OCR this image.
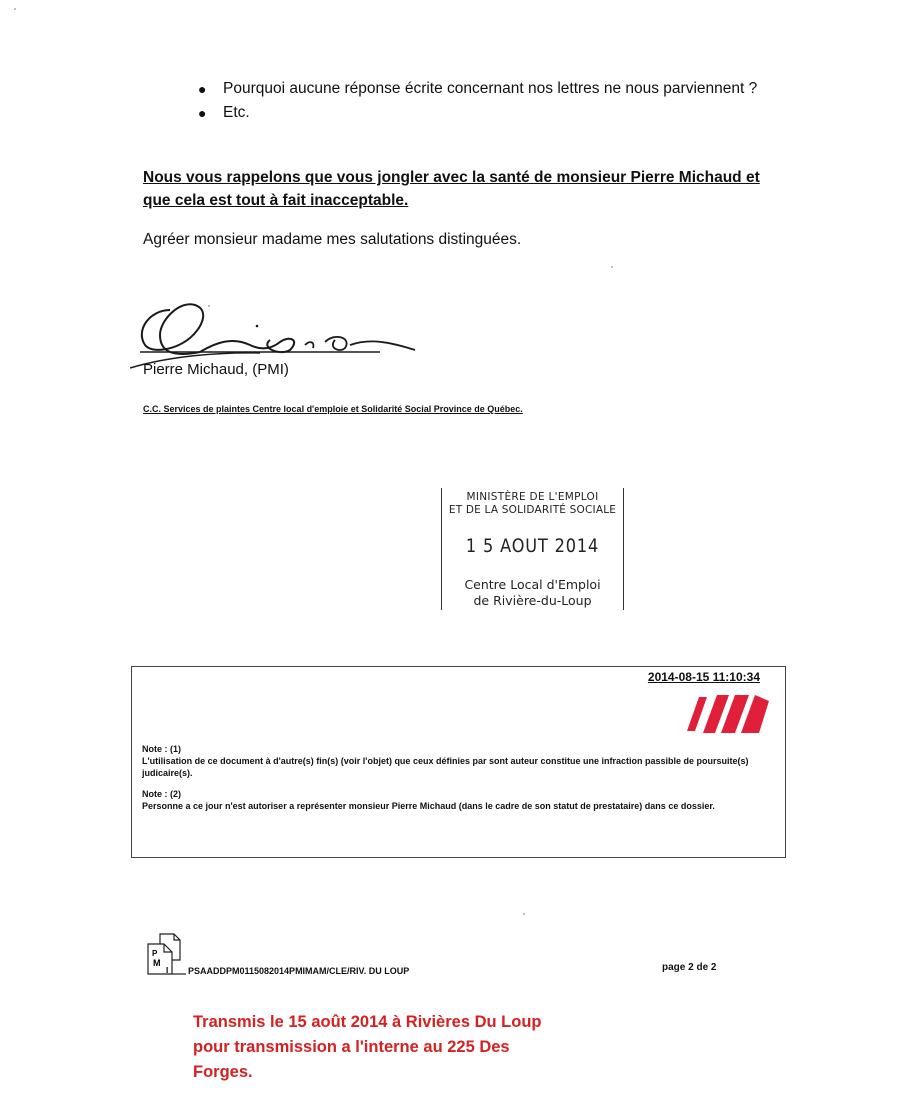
● Pourquoi aucune réponse écrite concernant nos lettres ne nous parviennent ?
● Etc.
Nous vous rappelons que vous jongler avec la santé de monsieur Pierre Michaud et que cela est tout à fait inacceptable.
Agréer monsieur madame mes salutations distinguées.
Pierre Michaud, (PMI)
C.C. Services de plaintes Centre local d'emploie et Solidarité Social Province de Québec.
MINISTÈRE DE L'EMPLOI
ET DE LA SOLIDARITÉ SOCIALE
1 5 AOUT 2014
Centre Local d'Emploi
de Rivière-du-Loup
2014-08-15 11:10:34

Note : (1)
L'utilisation de ce document à d'autre(s) fin(s) (voir l'objet) que ceux définies par sont auteur constitue une infraction passible de poursuite(s) judicaire(s).

Note : (2)
Personne a ce jour n'est autoriser a représenter monsieur Pierre Michaud (dans le cadre de son statut de prestataire) dans ce dossier.

P
M
I PSAADDPM0115082014PMIMAM/CLE/RIV. DU LOUP	page 2 de 2
Transmis le 15 août 2014 à Rivières Du Loup pour transmission a l'interne au 225 Des Forges.
